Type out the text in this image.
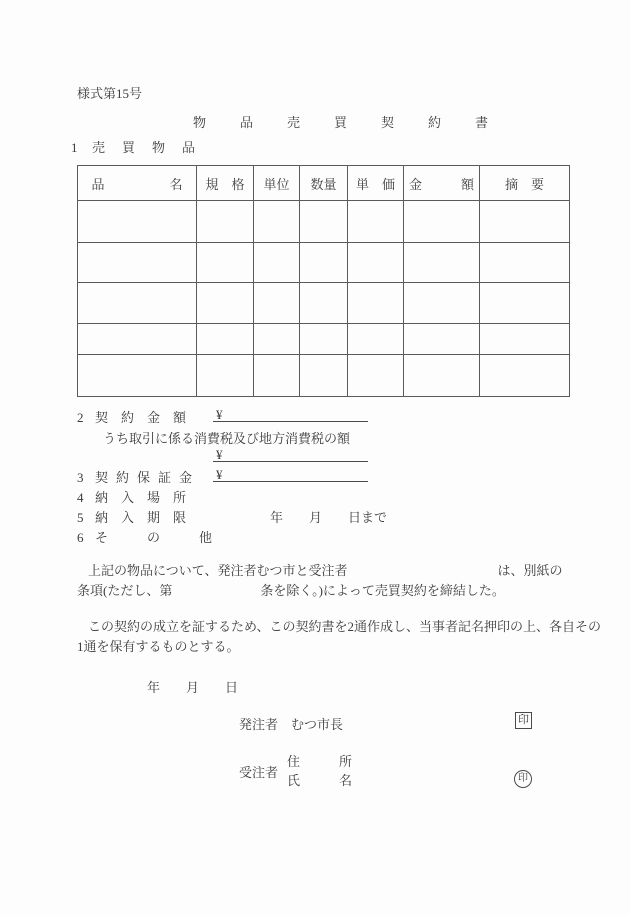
様式第15号
物　品　売　買　契　約　書
1 売　買　物　品
品　　　　　名	規　格	単位	数量	単　価	金　　　額	摘　要

2 契　約　金　額 ¥
うち取引に係る消費税及び地方消費税の額
¥
3 契約保証金 ¥
4 納　入　場　所
5 納　入　期　限	年　　月　　日まで
6 そ　の　他
上記の物品について、発注者むつ市と受注者	は、別紙の
条項(ただし、第	条を除く。)によって売買契約を締結した。
この契約の成立を証するため、この契約書を2通作成し、当事者記名押印の上、各自その
1通を保有するものとする。
年　　月　　日
発注者 むつ市長	印
受注者
住　　　所
氏　　　名	印
